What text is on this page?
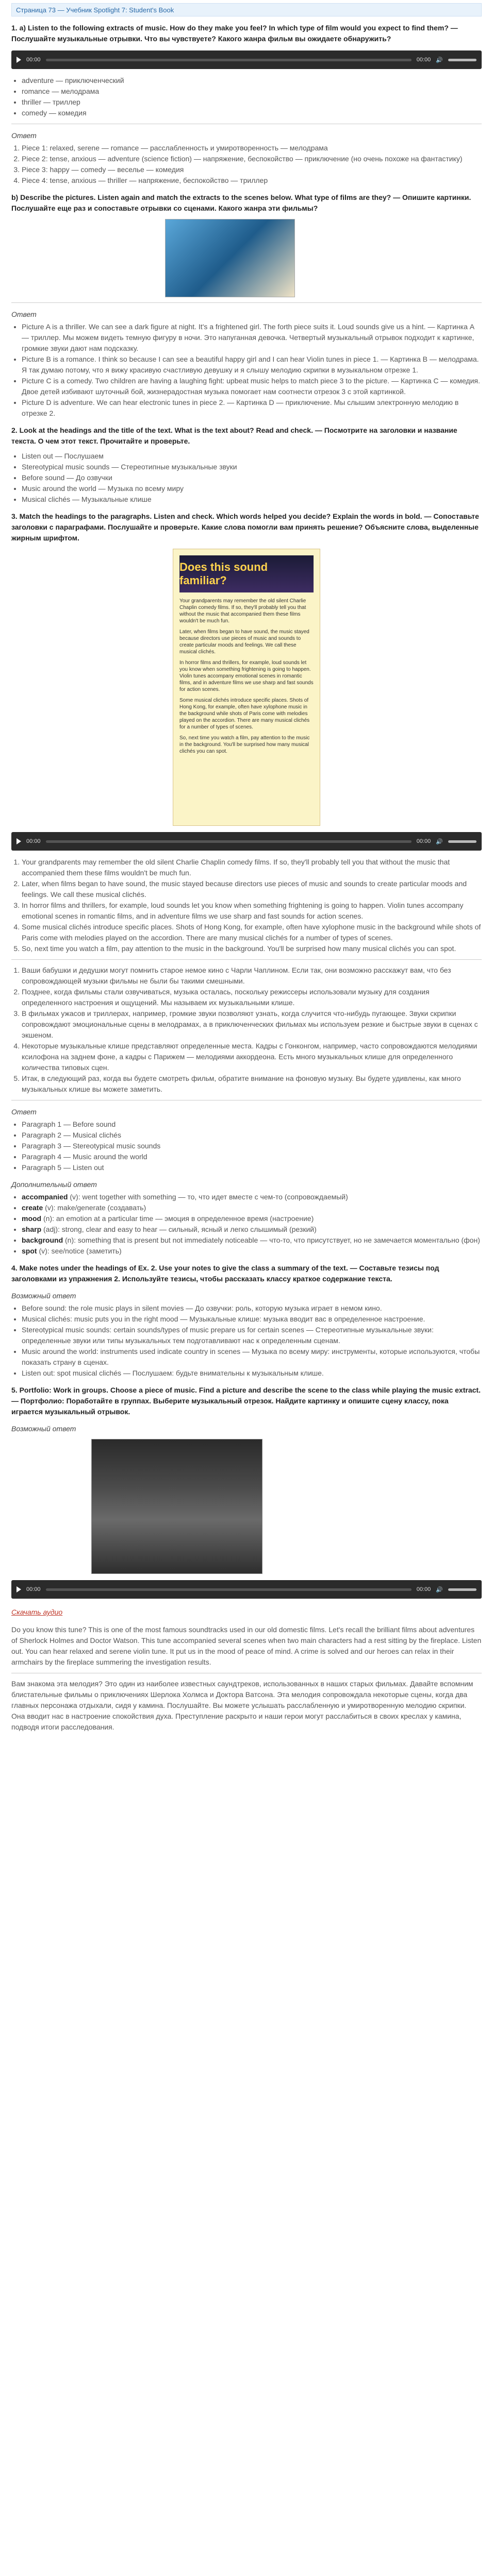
Страница 73 — Учебник Spotlight 7: Student's Book
1. a) Listen to the following extracts of music. How do they make you feel? In which type of film would you expect to find them? — Послушайте музыкальные отрывки. Что вы чувствуете? Какого жанра фильм вы ожидаете обнаружить?
00:00	00:00 🔊
• adventure — приключенческий
• romance — мелодрама
• thriller — триллер
• comedy — комедия
Ответ
1. Piece 1: relaxed, serene — romance — расслабленность и умиротворенность — мелодрама
2. Piece 2: tense, anxious — adventure (science fiction) — напряжение, беспокойство — приключение (но очень похоже на фантастику)
3. Piece 3: happy — comedy — веселье — комедия
4. Piece 4: tense, anxious — thriller — напряжение, беспокойство — триллер
b) Describe the pictures. Listen again and match the extracts to the scenes below. What type of films are they? — Опишите картинки. Послушайте еще раз и сопоставьте отрывки со сценами. Какого жанра эти фильмы?
Ответ
• Picture A is a thriller. We can see a dark figure at night. It's a frightened girl. The forth piece suits it. Loud sounds give us a hint. — Картинка А — триллер. Мы можем видеть темную фигуру в ночи. Это напуганная девочка. Четвертый музыкальный отрывок подходит к картинке, громкие звуки дают нам подсказку.
• Picture B is a romance. I think so because I can see a beautiful happy girl and I can hear Violin tunes in piece 1. — Картинка В — мелодрама. Я так думаю потому, что я вижу красивую счастливую девушку и я слышу мелодию скрипки в музыкальном отрезке 1.
• Picture C is a comedy. Two children are having a laughing fight: upbeat music helps to match piece 3 to the picture. — Картинка С — комедия. Двое детей избивают шуточный бой, жизнерадостная музыка помогает нам соотнести отрезок 3 с этой картинкой.
• Picture D is adventure. We can hear electronic tunes in piece 2. — Картинка D — приключение. Мы слышим электронную мелодию в отрезке 2.
2. Look at the headings and the title of the text. What is the text about? Read and check. — Посмотрите на заголовки и название текста. О чем этот текст. Прочитайте и проверьте.
• Listen out — Послушаем
• Stereotypical music sounds — Стереотипные музыкальные звуки
• Before sound — До озвучки
• Music around the world — Музыка по всему миру
• Musical clichés — Музыкальные клише
3. Match the headings to the paragraphs. Listen and check. Which words helped you decide? Explain the words in bold. — Сопоставьте заголовки с параграфами. Послушайте и проверьте. Какие слова помогли вам принять решение? Объясните слова, выделенные жирным шрифтом.
Does this sound familiar?

Your grandparents may remember the old silent Charlie Chaplin comedy films. If so, they'll probably tell you that without the music that accompanied them these films wouldn't be much fun.

Later, when films began to have sound, the music stayed because directors use pieces of music and sounds to create particular moods and feelings. We call these musical clichés.

In horror films and thrillers, for example, loud sounds let you know when something frightening is going to happen. Violin tunes accompany emotional scenes in romantic films, and in adventure films we use sharp and fast sounds for action scenes.

Some musical clichés introduce specific places. Shots of Hong Kong, for example, often have xylophone music in the background while shots of Paris come with melodies played on the accordion. There are many musical clichés for a number of types of scenes.

So, next time you watch a film, pay attention to the music in the background. You'll be surprised how many musical clichés you can spot.

00:00	00:00 🔊
1. Your grandparents may remember the old silent Charlie Chaplin comedy films. If so, they'll probably tell you that without the music that accompanied them these films wouldn't be much fun.
2. Later, when films began to have sound, the music stayed because directors use pieces of music and sounds to create particular moods and feelings. We call these musical clichés.
3. In horror films and thrillers, for example, loud sounds let you know when something frightening is going to happen. Violin tunes accompany emotional scenes in romantic films, and in adventure films we use sharp and fast sounds for action scenes.
4. Some musical clichés introduce specific places. Shots of Hong Kong, for example, often have xylophone music in the background while shots of Paris come with melodies played on the accordion. There are many musical clichés for a number of types of scenes.
5. So, next time you watch a film, pay attention to the music in the background. You'll be surprised how many musical clichés you can spot.
1. Ваши бабушки и дедушки могут помнить старое немое кино с Чарли Чаплином. Если так, они возможно расскажут вам, что без сопровождающей музыки фильмы не были бы такими смешными.
2. Позднее, когда фильмы стали озвучиваться, музыка осталась, поскольку режиссеры использовали музыку для создания определенного настроения и ощущений. Мы называем их музыкальными клише.
3. В фильмах ужасов и триллерах, например, громкие звуки позволяют узнать, когда случится что-нибудь пугающее. Звуки скрипки сопровождают эмоциональные сцены в мелодрамах, а в приключенческих фильмах мы используем резкие и быстрые звуки в сценах с экшеном.
4. Некоторые музыкальные клише представляют определенные места. Кадры с Гонконгом, например, часто сопровождаются мелодиями ксилофона на заднем фоне, а кадры с Парижем — мелодиями аккордеона. Есть много музыкальных клише для определенного количества типовых сцен.
5. Итак, в следующий раз, когда вы будете смотреть фильм, обратите внимание на фоновую музыку. Вы будете удивлены, как много музыкальных клише вы можете заметить.
Ответ
• Paragraph 1 — Before sound
• Paragraph 2 — Musical clichés
• Paragraph 3 — Stereotypical music sounds
• Paragraph 4 — Music around the world
• Paragraph 5 — Listen out
Дополнительный ответ
• accompanied (v): went together with something — то, что идет вместе с чем-то (сопровождаемый)
• create (v): make/generate (создавать)
• mood (n): an emotion at a particular time — эмоция в определенное время (настроение)
• sharp (adj): strong, clear and easy to hear — сильный, ясный и легко слышимый (резкий)
• background (n): something that is present but not immediately noticeable — что-то, что присутствует, но не замечается моментально (фон)
• spot (v): see/notice (заметить)
4. Make notes under the headings of Ex. 2. Use your notes to give the class a summary of the text. — Составьте тезисы под заголовками из упражнения 2. Используйте тезисы, чтобы рассказать классу краткое содержание текста.
Возможный ответ
• Before sound: the role music plays in silent movies — До озвучки: роль, которую музыка играет в немом кино.
• Musical clichés: music puts you in the right mood — Музыкальные клише: музыка вводит вас в определенное настроение.
• Stereotypical music sounds: certain sounds/types of music prepare us for certain scenes — Стереотипные музыкальные звуки: определенные звуки или типы музыкальных тем подготавливают нас к определенным сценам.
• Music around the world: instruments used indicate country in scenes — Музыка по всему миру: инструменты, которые используются, чтобы показать страну в сценах.
• Listen out: spot musical clichés — Послушаем: будьте внимательны к музыкальным клише.
5. Portfolio: Work in groups. Choose a piece of music. Find a picture and describe the scene to the class while playing the music extract. — Портфолио: Поработайте в группах. Выберите музыкальный отрезок. Найдите картинку и опишите сцену классу, пока играется музыкальный отрывок.
Возможный ответ
00:00	00:00 🔊
Скачать аудио

Do you know this tune? This is one of the most famous soundtracks used in our old domestic films. Let's recall the brilliant films about adventures of Sherlock Holmes and Doctor Watson. This tune accompanied several scenes when two main characters had a rest sitting by the fireplace. Listen out. You can hear relaxed and serene violin tune. It put us in the mood of peace of mind. A crime is solved and our heroes can relax in their armchairs by the fireplace summering the investigation results.

Вам знакома эта мелодия? Это один из наиболее известных саундтреков, использованных в наших старых фильмах. Давайте вспомним блистательные фильмы о приключениях Шерлока Холмса и Доктора Ватсона. Эта мелодия сопровождала некоторые сцены, когда два главных персонажа отдыхали, сидя у камина. Послушайте. Вы можете услышать расслабленную и умиротворенную мелодию скрипки. Она вводит нас в настроение спокойствия духа. Преступление раскрыто и наши герои могут расслабиться в своих креслах у камина, подводя итоги расследования.
